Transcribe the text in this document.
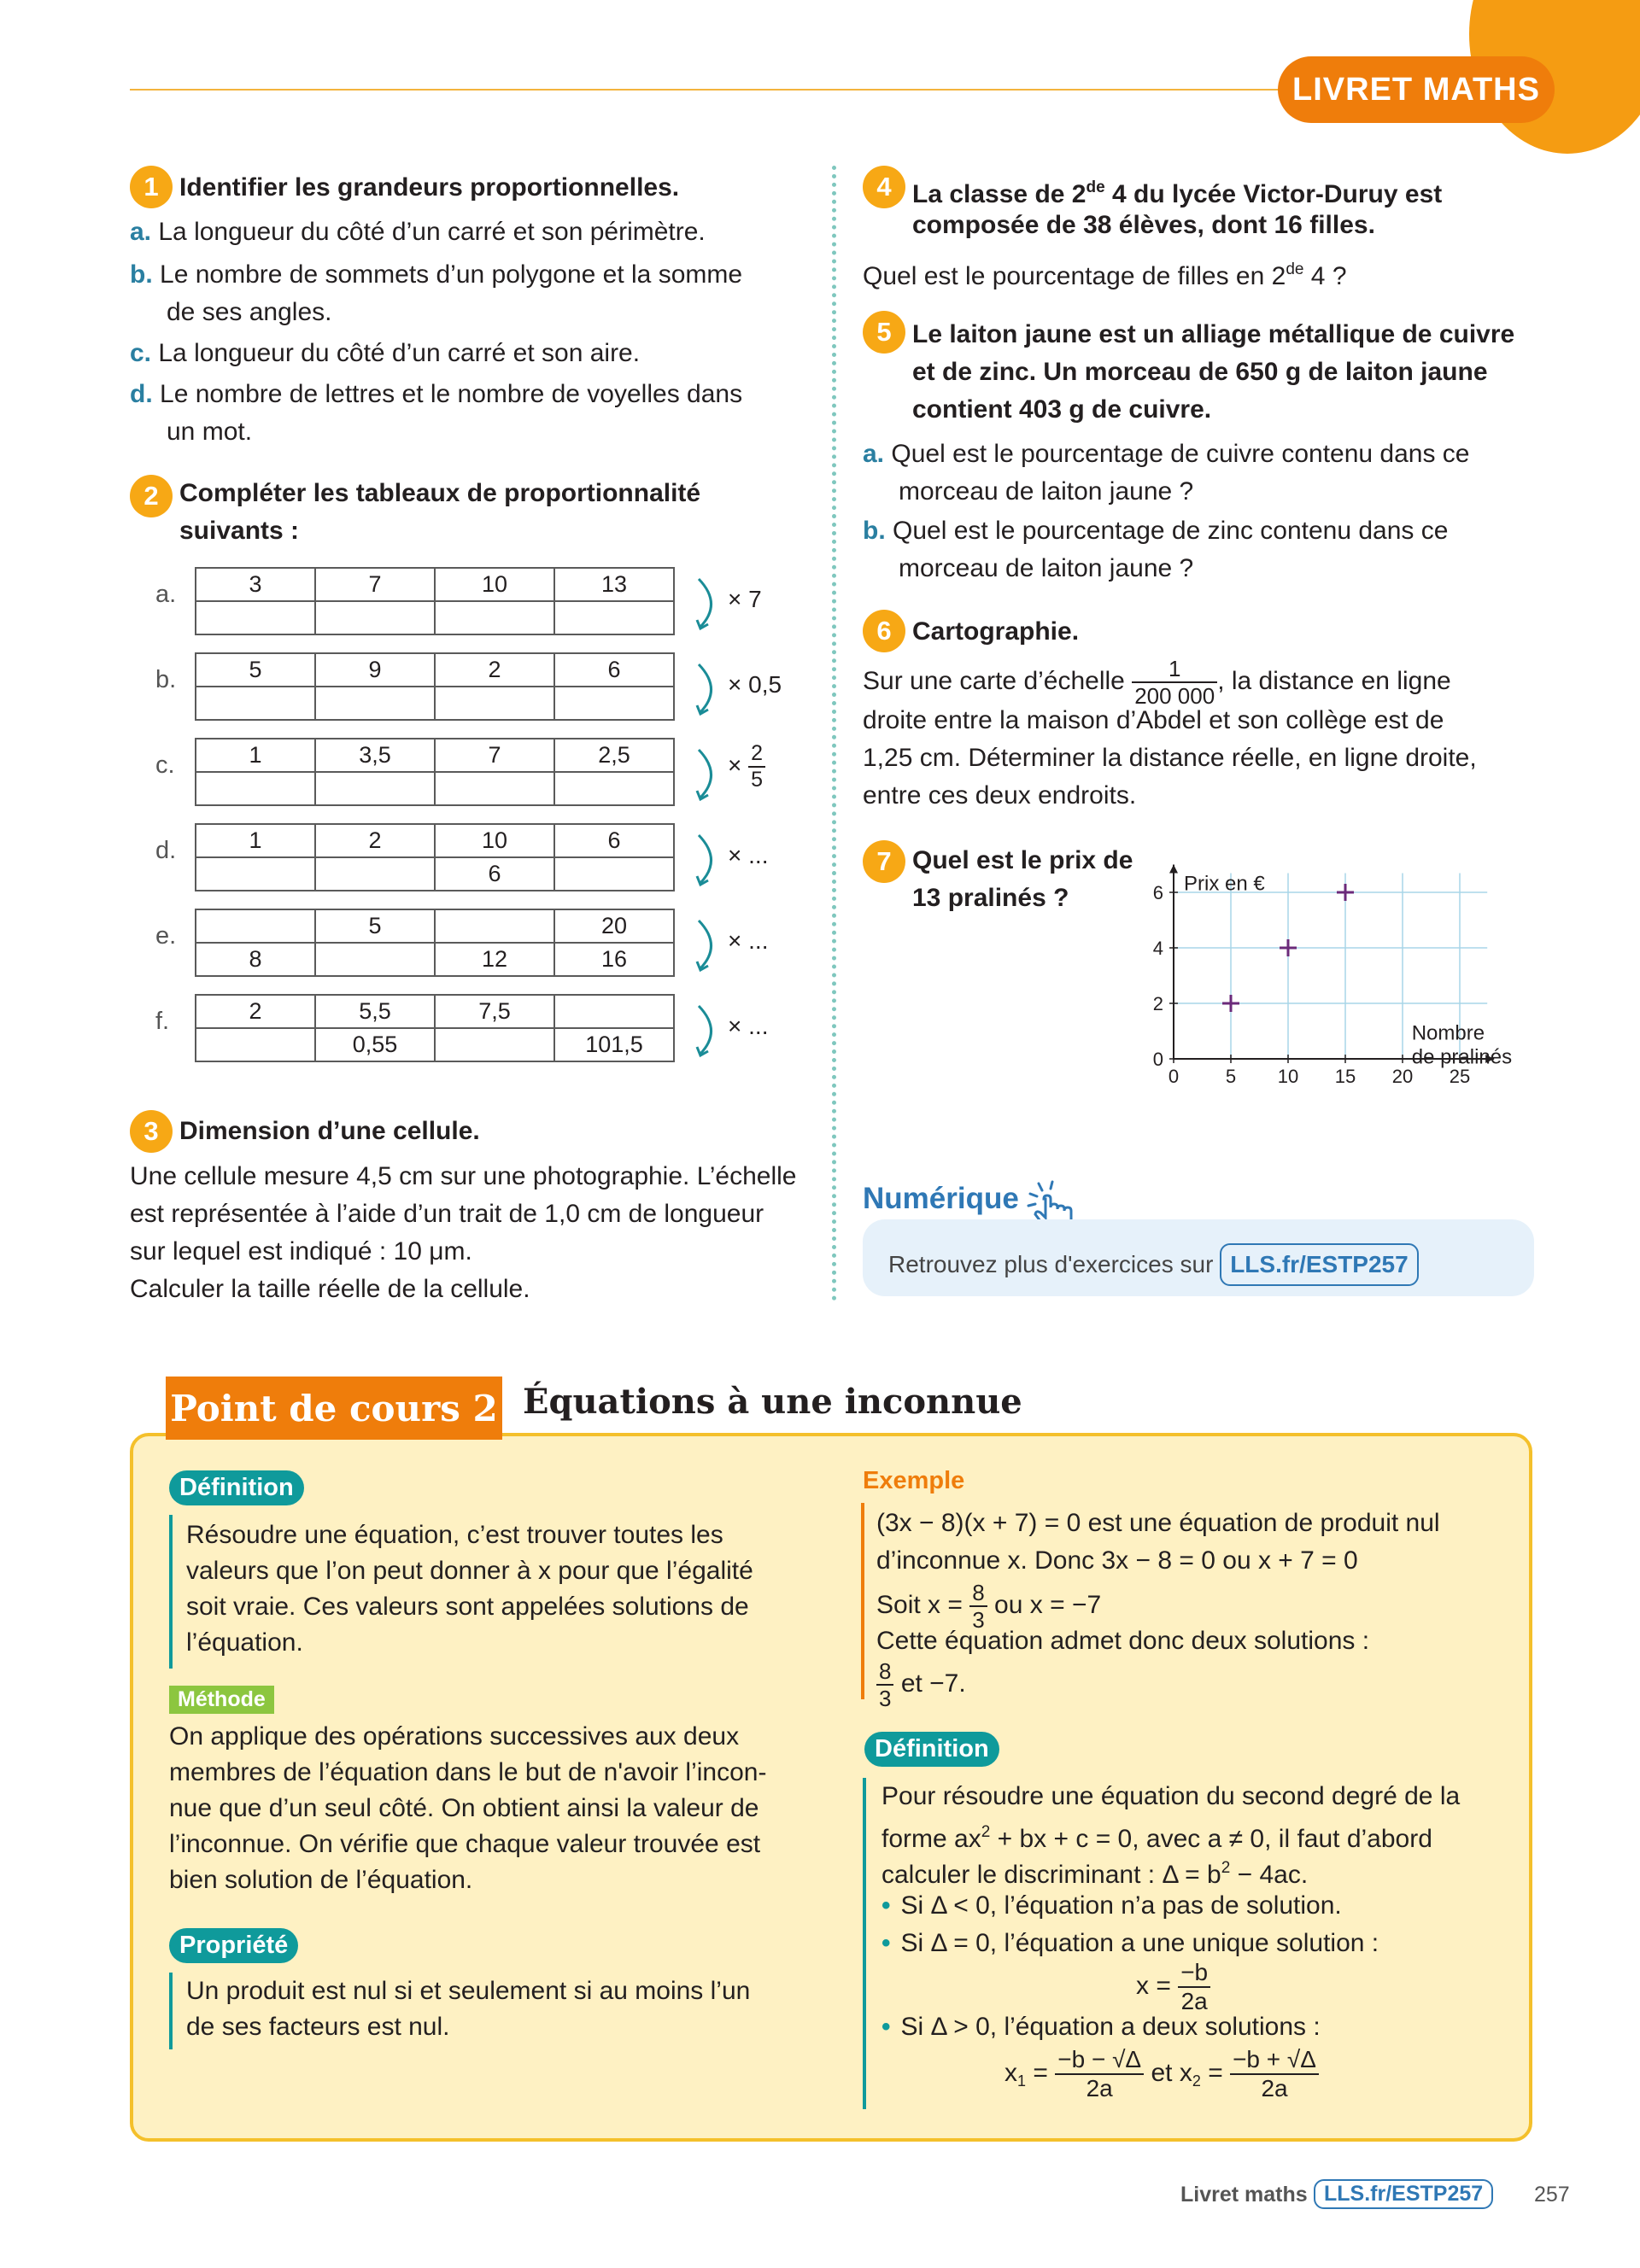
LIVRET MATHS
1 Identifier les grandeurs proportionnelles.
a. La longueur du côté d’un carré et son périmètre.
b. Le nombre de sommets d’un polygone et la somme
de ses angles.
c. La longueur du côté d’un carré et son aire.
d. Le nombre de lettres et le nombre de voyelles dans
un mot.
2 Compléter les tableaux de proportionnalité
suivants :
a.	3	7	10	13

× 7
b.	5	9	2	6

× 0,5
c.	1	3,5	7	2,5
				× $\frac{2}{5}$
d.	1	2	10	6
		6	
× ...
e.
		5		20
8		12	16
× ...
f.	2	5,5	7,5	
	0,55		101,5
× ...
3 Dimension d’une cellule.
Une cellule mesure 4,5 cm sur une photographie. L’échelle
est représentée à l’aide d’un trait de 1,0 cm de longueur
sur lequel est indiqué : 10 μm.
Calculer la taille réelle de la cellule.
4 La classe de 2de 4 du lycée Victor-Duruy est
composée de 38 élèves, dont 16 filles.
Quel est le pourcentage de filles en 2de 4 ?
5 Le laiton jaune est un alliage métallique de cuivre
et de zinc. Un morceau de 650 g de laiton jaune
contient 403 g de cuivre.
a. Quel est le pourcentage de cuivre contenu dans ce
morceau de laiton jaune ?
b. Quel est le pourcentage de zinc contenu dans ce
morceau de laiton jaune ?
6 Cartographie.
Sur une carte d’échelle $\frac{1}{200 000}$ , la distance en ligne
droite entre la maison d’Abdel et son collège est de
1,25 cm. Déterminer la distance réelle, en ligne droite,
entre ces deux endroits.
7 Quel est le prix de
13 pralinés ?
0 5 10 15 20 25
0
2
4
6 Prix en €
Nombre
de pralinés
Numérique
Retrouvez plus d'exercices sur LLS.fr/ESTP257
Point de cours 2 Équations à une inconnue
Définition
Résoudre une équation, c’est trouver toutes les
valeurs que l’on peut donner à x pour que l’égalité
soit vraie. Ces valeurs sont appelées solutions de
l’équation.
Méthode
On applique des opérations successives aux deux
membres de l’équation dans le but de n'avoir l’incon-
nue que d’un seul côté. On obtient ainsi la valeur de
l’inconnue. On vérifie que chaque valeur trouvée est
bien solution de l’équation.
Propriété
Un produit est nul si et seulement si au moins l’un
de ses facteurs est nul.
Exemple
(3x − 8)(x + 7) = 0 est une équation de produit nul
d’inconnue x. Donc 3x − 8 = 0 ou x + 7 = 0
Soit $x = \frac{8}{3}$ ou x = −7
Cette équation admet donc deux solutions :
$\frac{8}{3}$ et −7.
Définition
Pour résoudre une équation du second degré de la
forme $ax^2$ + bx + c = 0, avec a ≠ 0, il faut d’abord
calculer le discriminant : $\Delta = b^2 - 4ac$.
• Si Δ < 0, l’équation n’a pas de solution.
• Si Δ = 0, l’équation a une unique solution :
$x = \frac{-b}{2a}$
• Si Δ > 0, l’équation a deux solutions :
$x_1 = \frac{-b - √\Delta}{2a}$ et $x_2 = \frac{-b + √\Delta}{2a}$
Livret maths LLS.fr/ESTP257	257
